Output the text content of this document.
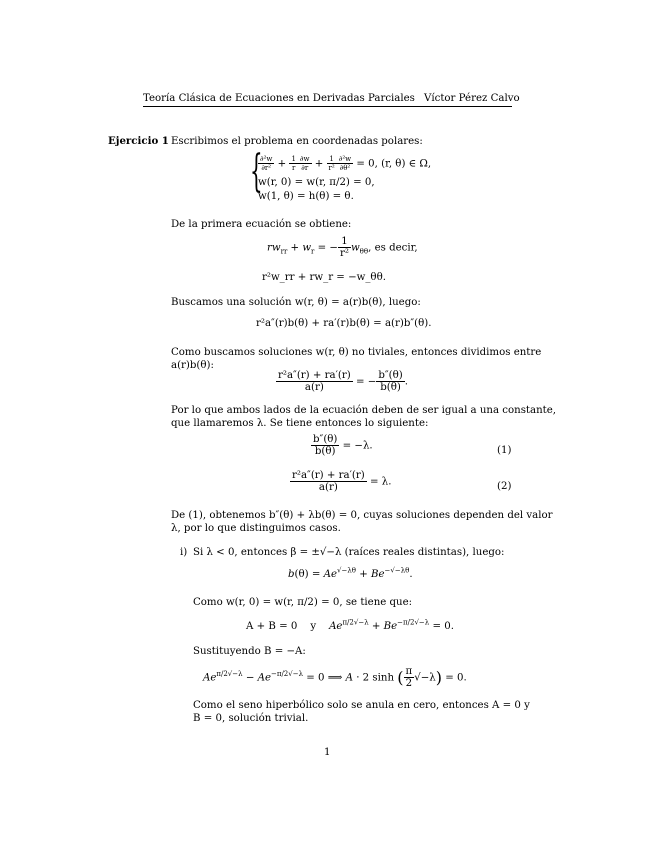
Teoría Clásica de Ecuaciones en Derivadas Parciales Víctor Pérez Calvo
Ejercicio 1 Escribimos el problema en coordenadas polares:
{
$\frac{\text{∂²w}}{\text{∂r²}} + \frac{1}{r} \frac{\partial w}{\partial r} + \frac{1}{\text{r²}} \frac{\text{∂²w}}{\text{∂θ²}} = 0$, (r, θ) ∈ Ω,
w(r, 0) = w(r, π/2) = 0,
w(1, θ) = h(θ) = θ.
De la primera ecuación se obtiene:
$rw_{rr} + w_r$ = − $\frac{1}{\text{r²}} w_{\theta\theta}$, es decir,
r²w_rr + rw_r = −w_θθ.
Buscamos una solución w(r, θ) = a(r)b(θ), luego:
r²a″(r)b(θ) + ra′(r)b(θ) = a(r)b″(θ).
Como buscamos soluciones w(r, θ) no tiviales, entonces dividimos entre
a(r)b(θ):
$\frac{\text{r²a″(r) + ra′(r)}}{a(r)}$ = − $\frac{b''(\theta)}{b(\theta)}$ .
Por lo que ambos lados de la ecuación deben de ser igual a una constante,
que llamaremos λ. Se tiene entonces lo siguiente:
$\frac{b''(\theta)}{b(\theta)} = -\lambda$.	(1)
$\frac{\text{r²a″(r) + ra′(r)}}{a(r)} = \lambda$.	(2)
De (1), obtenemos b″(θ) + λb(θ) = 0, cuyas soluciones dependen del valor
λ, por lo que distinguimos casos.
i) Si λ < 0, entonces β = ±√−λ (raíces reales distintas), luego:
$b(\theta) = Ae^{√-\lambda\theta} + Be^{-√-\lambda\theta}$.
Como w(r, 0) = w(r, π/2) = 0, se tiene que:
A + B = 0 y $Ae^{\pi/2√-\lambda} + Be^{-\pi/2√-\lambda} = 0$.
Sustituyendo B = −A:
$Ae^{\pi/2√-\lambda} - Ae^{-\pi/2√-\lambda} = 0$ ⟹ A · 2 sinh ( $\frac{\pi}{2} √-\lambda) = 0$.
Como el seno hiperbólico solo se anula en cero, entonces A = 0 y
B = 0, solución trivial.
1
